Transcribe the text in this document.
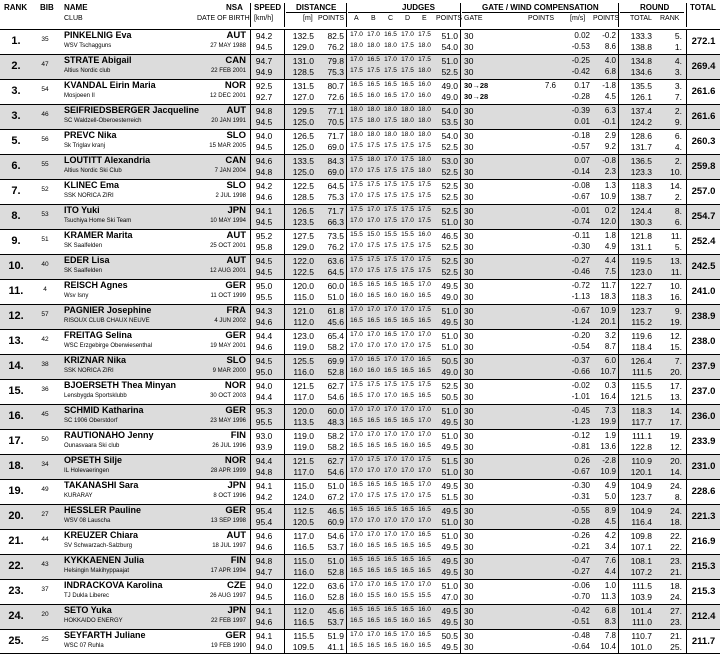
RANK BIB NAME
CLUB
NSA
DATE OF BIRTH
SPEED
[km/h]
DISTANCE
[m] POINTS
JUDGES
A B C D E POINTS
GATE / WIND COMPENSATION
GATE	POINTS [m/s] POINTS
ROUND
TOTAL RANK
TOTAL
1.	35	PINKELNIG Eva
WSV Tschagguns
AUT
27 MAY 1988
94.2	132.5	82.5 17.0 17.0 16.5 17.0 17.5	51.0 30	0.02	-0.2	133.3	5.
94.5	129.0	76.2 18.0 18.0 18.0 17.5 18.0	54.0 30	-0.53	8.6	138.8	1.	272.1
2.	47	STRATE Abigail
Altius Nordic club
CAN
22 FEB 2001
94.7	131.0	79.8 17.0 16.5 17.0 17.0 17.5	51.0 30	-0.25	4.0	134.8	4.
94.9	128.5	75.3 17.5 17.5 17.5 17.5 18.0	52.5 30	-0.42	6.8	134.6	3.	269.4
3.	54	KVANDAL Eirin Maria
Mosjoeen Il
NOR
12 DEC 2001
92.5	131.5	80.7 16.5 16.5 16.5 16.5 16.0	49.0 30→28	7.6	0.17	-1.8	135.5	3.
92.7	127.0	72.6 16.5 16.0 16.5 17.0 16.0	49.0 30→28	-0.28	4.5	126.1	7.	261.6
3.	46	SEIFRIEDSBERGER Jacqueline
SC Waldzell-Oberoesterreich
AUT
20 JAN 1991
94.8	129.5	77.1 18.0 18.0 18.0 18.0 18.0	54.0 30	-0.39	6.3	137.4	2.
94.5	125.0	70.5 17.5 18.0 17.5 18.0 18.0	53.5 30	0.01	-0.1	124.2	9.	261.6
5.	56	PREVC Nika
Sk Triglav kranj
SLO
15 MAR 2005
94.0	126.5	71.7 18.0 18.0 18.0 18.0 18.0	54.0 30	-0.18	2.9	128.6	6.
94.5	125.0	69.0 17.5 17.5 17.5 17.5 17.5	52.5 30	-0.57	9.2	131.7	4.	260.3
6.	55	LOUTITT Alexandria
Altius Nordic Ski Club
CAN
7 JAN 2004
94.6	133.5	84.3 17.5 18.0 17.0 17.5 18.0	53.0 30	0.07	-0.8	136.5	2.
94.8	125.0	69.0 17.0 17.5 17.5 17.5 18.0	52.5 30	-0.14	2.3	123.3	10.	259.8
7.	52	KLINEC Ema
SSK NORICA ZIRI
SLO
2 JUL 1998
94.2	122.5	64.5 17.5 17.5 17.5 17.5 17.5	52.5 30	-0.08	1.3	118.3	14.
94.6	128.5	75.3 17.0 17.5 17.5 17.5 17.5	52.5 30	-0.67	10.9	138.7	2.	257.0
8.	53	ITO Yuki
Tsuchiya Home Ski Team
JPN
10 MAY 1994
94.1	126.5	71.7 17.5 17.0 17.5 17.5 17.5	52.5 30	-0.01	0.2	124.4	8.
94.5	123.5	66.3 17.0 17.0 17.5 17.0 17.5	51.0 30	-0.74	12.0	130.3	6.	254.7
9.	51	KRAMER Marita
SK Saalfelden
AUT
25 OCT 2001
95.2	127.5	73.5 15.5 15.0 15.5 15.5 16.0	46.5 30	-0.11	1.8	121.8	11.
95.8	129.0	76.2 17.0 17.5 17.5 17.5 17.5	52.5 30	-0.30	4.9	131.1	5.	252.4
10.	40	EDER Lisa
SK Saalfelden
AUT
12 AUG 2001
94.5	122.0	63.6 17.5 17.5 17.5 17.0 17.5	52.5 30	-0.27	4.4	119.5	13.
94.5	122.5	64.5 17.0 17.5 17.5 17.5 17.5	52.5 30	-0.46	7.5	123.0	11.	242.5
11.	4	REISCH Agnes
Wsv Isny
GER
11 OCT 1999
95.0	120.0	60.0 16.5 16.5 16.5 16.5 17.0	49.5 30	-0.72	11.7	122.7	10.
95.5	115.0	51.0 16.0 16.5 16.0 16.0 16.5	49.0 30	-1.13	18.3	118.3	16.	241.0
12.	57	PAGNIER Josephine
RISOUX CLUB CHAUX NEUVE
FRA
4 JUN 2002
94.3	121.0	61.8 17.0 17.0 17.0 17.0 17.5	51.0 30	-0.67	10.9	123.7	9.
94.6	112.0	45.6 16.5 16.5 16.5 16.5 16.5	49.5 30	-1.24	20.1	115.2	19.	238.9
13.	42	FREITAG Selina
WSC Erzgebirge Oberwiesenthal
GER
19 MAY 2001
94.4	123.0	65.4 17.0 17.0 16.5 17.0 17.0	51.0 30	-0.20	3.2	119.6	12.
94.6	119.0	58.2 17.0 17.0 17.0 17.0 17.5	51.0 30	-0.54	8.7	118.4	15.	238.0
14.	38	KRIZNAR Nika
SSK NORICA ZIRI
SLO
9 MAR 2000
94.5	125.5	69.9 17.0 16.5 17.0 17.0 16.5	50.5 30	-0.37	6.0	126.4	7.
95.0	116.0	52.8 16.0 16.0 16.5 16.5 16.5	49.0 30	-0.66	10.7	111.5	20.	237.9
15.	36	BJOERSETH Thea Minyan
Lensbygda Sportsklubb
NOR
30 OCT 2003
94.0	121.5	62.7 17.5 17.5 17.5 17.5 17.5	52.5 30	-0.02	0.3	115.5	17.
94.4	117.0	54.6 16.5 17.0 17.0 16.5 16.5	50.5 30	-1.01	16.4	121.5	13.	237.0
16.	45	SCHMID Katharina
SC 1906 Oberstdorf
GER
23 MAY 1996
95.3	120.0	60.0 17.0 17.0 17.0 17.0 17.0	51.0 30	-0.45	7.3	118.3	14.
95.5	113.5	48.3 16.5 16.5 16.5 16.5 17.0	49.5 30	-1.23	19.9	117.7	17.	236.0
17.	50	RAUTIONAHO Jenny
Ounasvaara Ski club
FIN
26 JUL 1996
93.0	119.0	58.2 17.0 17.0 17.0 17.0 17.0	51.0 30	-0.12	1.9	111.1	19.
93.9	119.0	58.2 16.5 16.5 16.5 16.0 16.5	49.5 30	-0.81	13.6	122.8	12.	233.9
18.	34	OPSETH Silje
IL Holevaeringen
NOR
28 APR 1999
94.4	121.5	62.7 17.0 17.5 17.0 17.0 17.5	51.5 30	0.26	-2.8	110.9	20.
94.8	117.0	54.6 17.0 17.0 17.0 17.0 17.0	51.0 30	-0.67	10.9	120.1	14.	231.0
19.	49	TAKANASHI Sara
KURARAY
JPN
8 OCT 1996
94.1	115.0	51.0 16.5 16.5 16.5 16.5 17.0	49.5 30	-0.30	4.9	104.9	24.
94.2	124.0	67.2 17.0 17.5 17.5 17.0 17.5	51.5 30	-0.31	5.0	123.7	8.	228.6
20.	27	HESSLER Pauline
WSV 08 Lauscha
GER
13 SEP 1998
95.4	112.5	46.5 16.5 16.5 16.5 16.5 16.5	49.5 30	-0.55	8.9	104.9	24.
95.4	120.5	60.9 17.0 17.0 17.0 17.0 17.0	51.0 30	-0.28	4.5	116.4	18.	221.3
21.	44	KREUZER Chiara
SV Schwarzach-Salzburg
AUT
18 JUL 1997
94.6	117.0	54.6 17.0 17.0 17.0 17.0 16.5	51.0 30	-0.26	4.2	109.8	22.
94.6	116.5	53.7 16.0 16.5 16.5 16.5 16.5	49.5 30	-0.21	3.4	107.1	22.	216.9
22.	43	KYKKAENEN Julia
Helsingin Makihyppaajat
FIN
17 APR 1994
94.8	115.0	51.0 16.5 16.5 16.5 16.5 16.5	49.5 30	-0.47	7.6	108.1	23.
94.7	116.0	52.8 16.5 16.5 16.5 16.5 16.5	49.5 30	-0.27	4.4	107.2	21.	215.3
23.	37	INDRACKOVA Karolina
TJ Dukla Liberec
CZE
26 AUG 1997
94.0	122.0	63.6 17.0 17.0 16.5 17.0 17.0	51.0 30	-0.06	1.0	111.5	18.
94.5	116.0	52.8 16.0 15.5 16.0 15.5 15.5	47.0 30	-0.70	11.3	103.9	24.	215.3
24.	20	SETO Yuka
HOKKAIDO ENERGY
JPN
22 FEB 1997
94.1	112.0	45.6 16.5 16.5 16.5 16.5 16.0	49.5 30	-0.42	6.8	101.4	27.
94.6	116.5	53.7 16.5 16.5 16.5 16.0 16.5	49.5 30	-0.51	8.3	111.0	23.	212.4
25.	25	SEYFARTH Juliane
WSC 07 Ruhla
GER
19 FEB 1990
94.1	115.5	51.9 17.0 17.0 16.5 17.0 16.5	50.5 30	-0.48	7.8	110.7	21.
94.0	109.5	41.1 16.5 16.5 16.5 16.0 16.5	49.5 30	-0.64	10.4	101.0	25.	211.7
